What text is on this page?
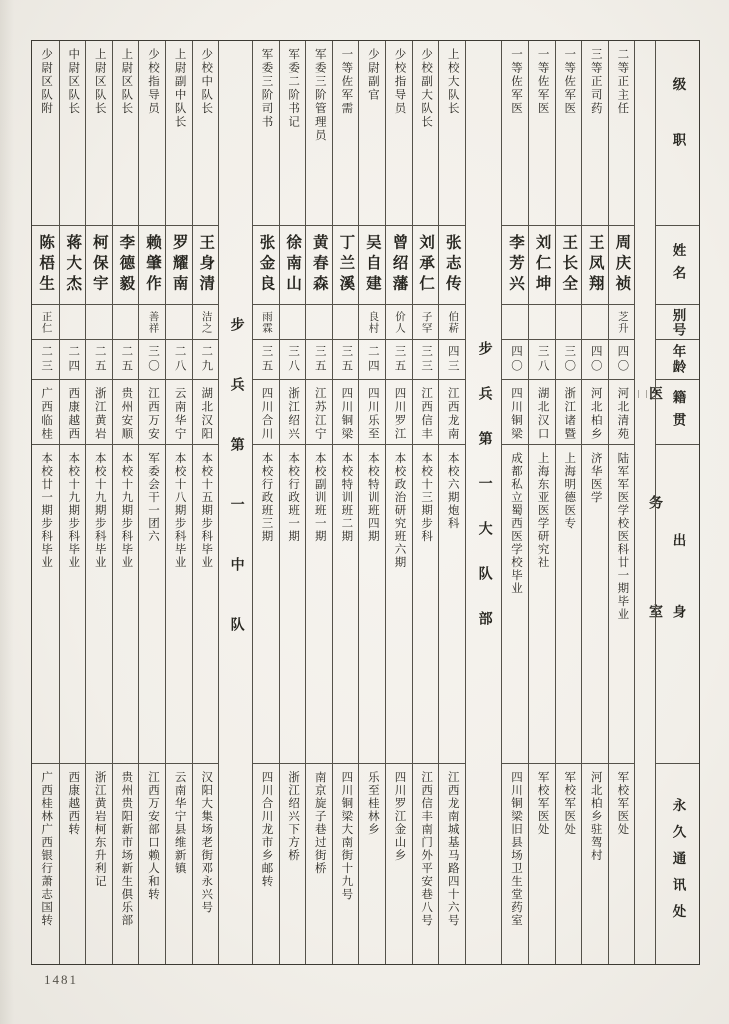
级职
姓名
别号
年龄
籍贯
出身
永久通讯处
医务室
二等正主任
周庆祯
芝升
四〇
河北清苑
陆军军医学校医科廿一期毕业
军校军医处
三等正司药
王凤翔
四〇
河北柏乡
济华医学
河北柏乡驻驾村
一等佐军医
王长全
三〇
浙江诸暨
上海明德医专
军校军医处
一等佐军医
刘仁坤
三八
湖北汉口
上海东亚医学研究社
军校军医处
一等佐军医
李芳兴
四〇
四川铜梁
成都私立蜀西医学校毕业
四川铜梁旧县场卫生堂药室
步兵第一大队部
上校大队长
张志传
伯菥
四三
江西龙南
本校六期炮科
江西龙南城基马路四十六号
少校副大队长
刘承仁
子罕
三三
江西信丰
本校十三期步科
江西信丰南门外平安巷八号
少校指导员
曾绍藩
价人
三五
四川罗江
本校政治研究班六期
四川罗江金山乡
少尉副官
吴自建
良村
二四
四川乐至
本校特训班四期
乐至桂林乡
一等佐军需
丁兰溪
三五
四川铜梁
本校特训班二期
四川铜梁大南街十九号
军委三阶管理员
黄春森
三五
江苏江宁
本校副训班一期
南京旋子巷过街桥
军委二阶书记
徐南山
三八
浙江绍兴
本校行政班一期
浙江绍兴下方桥
军委三阶司书
张金良
雨霖
三五
四川合川
本校行政班三期
四川合川龙市乡邮转
步兵第一中队
少校中队长
王身清
洁之
二九
湖北汉阳
本校十五期步科毕业
汉阳大集场老街邓永兴号
上尉副中队长
罗耀南
二八
云南华宁
本校十八期步科毕业
云南华宁县维新镇
少校指导员
赖肇作
善祥
三〇
江西万安
军委会干一团六
江西万安部口赖人和转
上尉区队长
李德毅
二五
贵州安顺
本校十九期步科毕业
贵州贵阳新市场新生俱乐部
上尉区队长
柯保宇
二五
浙江黄岩
本校十九期步科毕业
浙江黄岩柯东升利记
中尉区队长
蒋大杰
二四
西康越西
本校十九期步科毕业
西康越西转
少尉区队附
陈梧生
正仁
二三
广西临桂
本校廿一期步科毕业
广西桂林广西银行萧志国转
1481
